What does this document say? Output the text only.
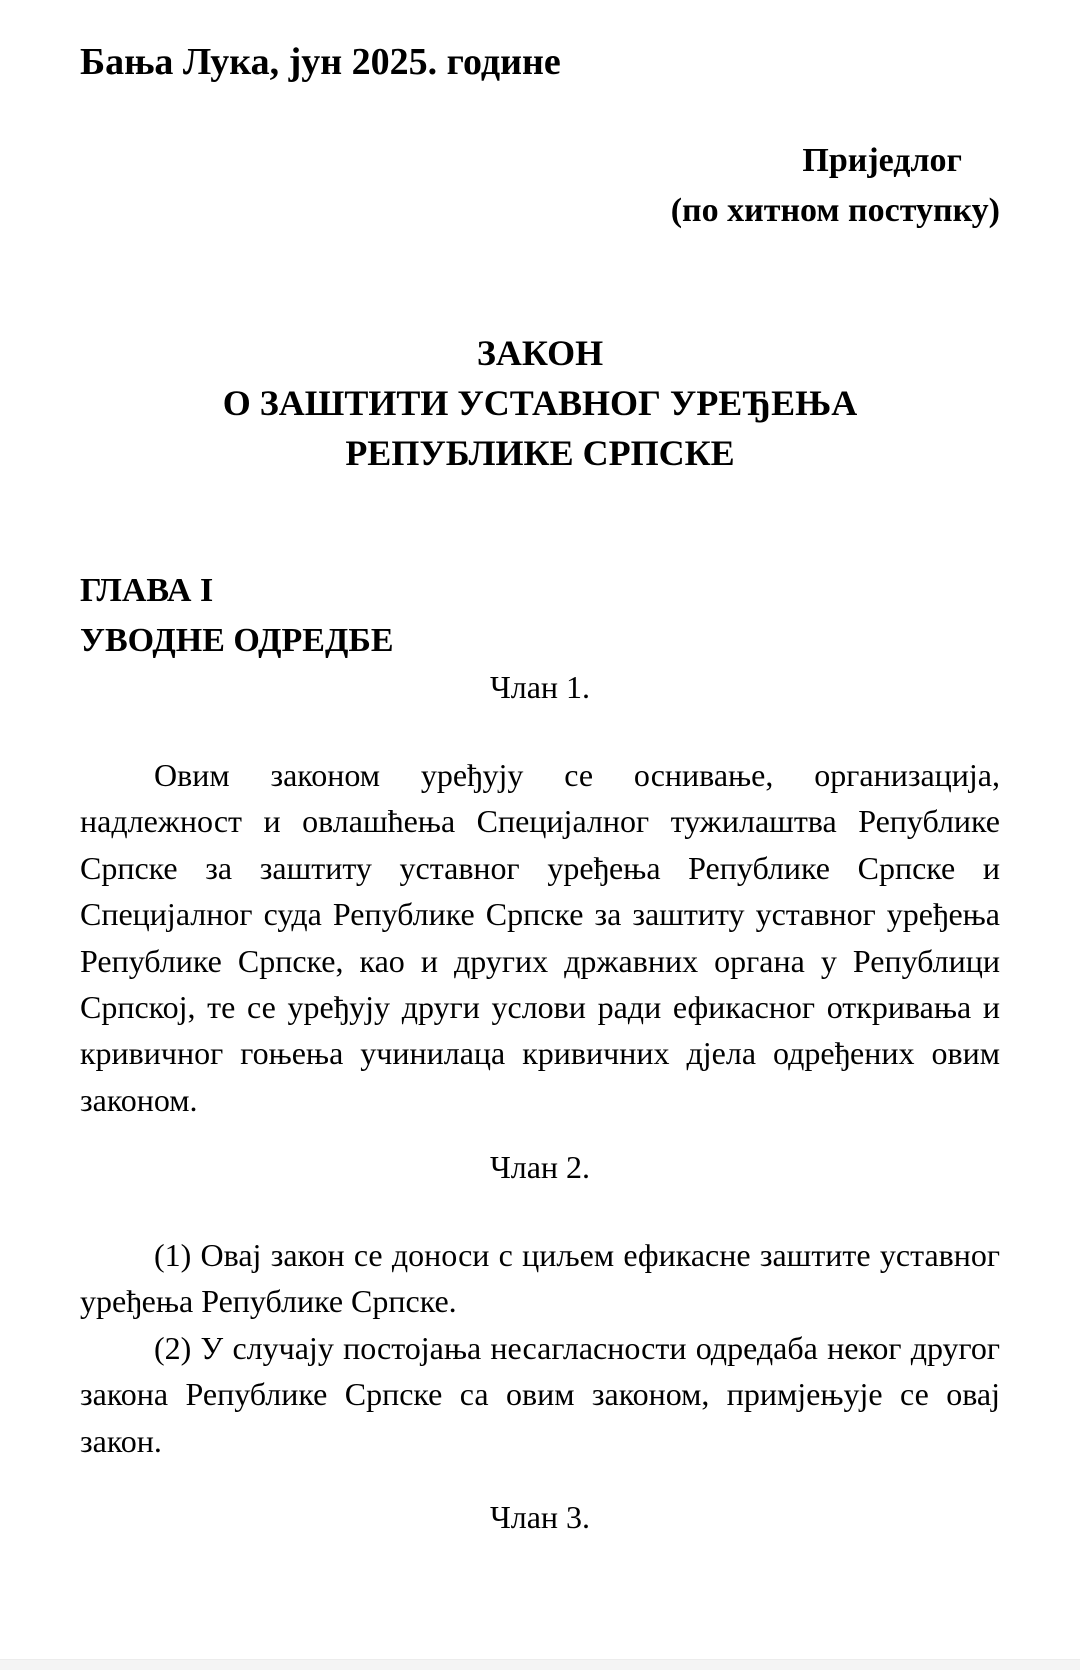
Бања Лука, јун 2025. године
Приједлог
(по хитном поступку)
ЗАКОН
О ЗАШТИТИ УСТАВНОГ УРЕЂЕЊА
РЕПУБЛИКЕ СРПСКЕ
ГЛАВА I
УВОДНЕ ОДРЕДБЕ
Члан 1.

Овим законом уређују се оснивање, организација, надлежност и овлашћења Специјалног тужилаштва Републике Српске за заштиту уставног уређења Републике Српске и Специјалног суда Републике Српске за заштиту уставног уређења Републике Српске, као и других државних органа у Републици Српској, те се уређују други услови ради ефикасног откривања и кривичног гоњења учинилаца кривичних дјела одређених овим законом.

Члан 2.

(1) Овај закон се доноси с циљем ефикасне заштите уставног уређења Републике Српске.

(2) У случају постојања несагласности одредаба неког другог закона Републике Српске са овим законом, примјењује се овај закон.

Члан 3.
